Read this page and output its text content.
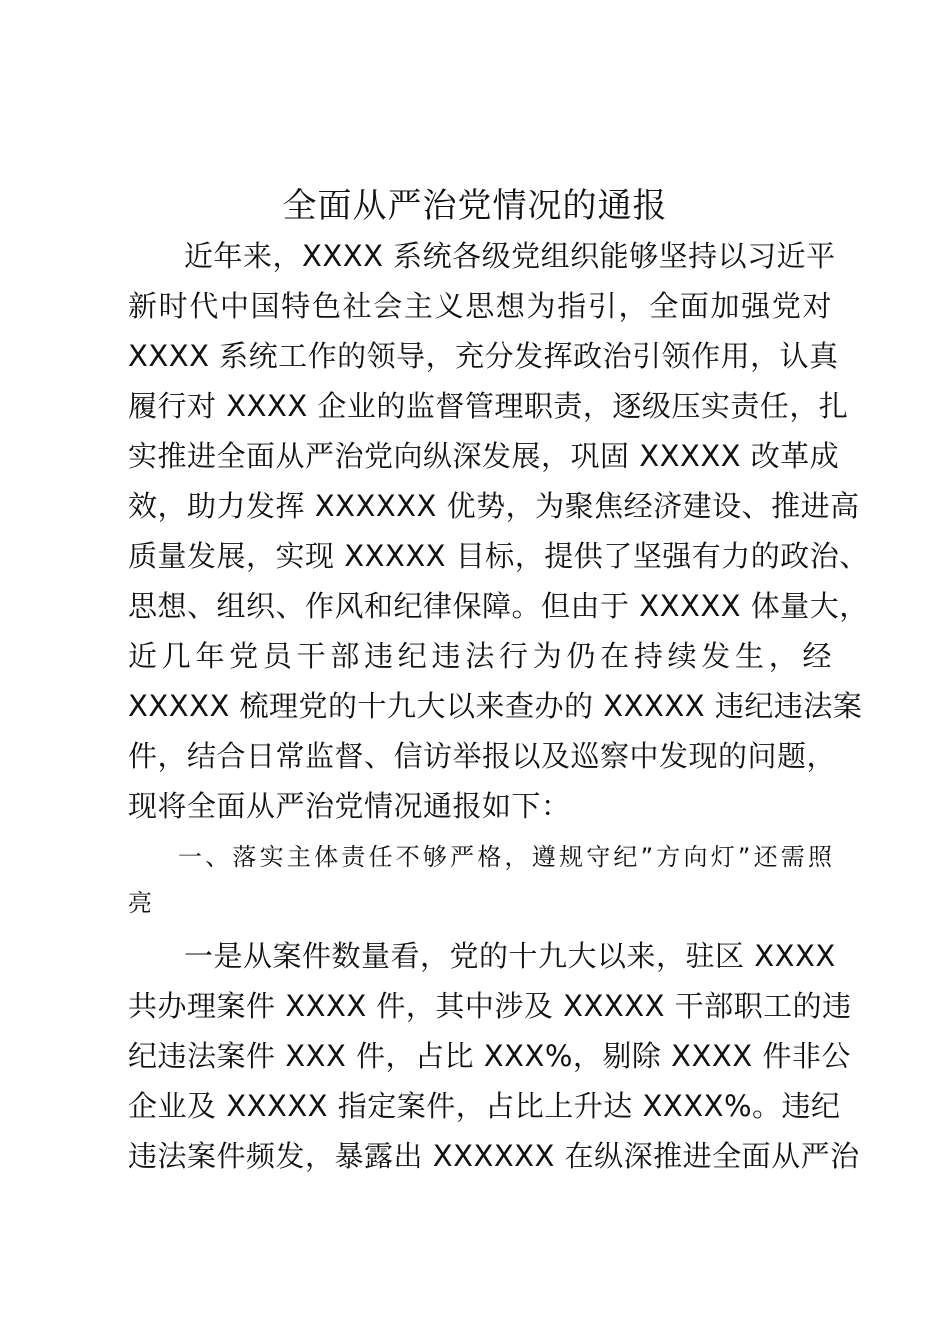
全面从严治党情况的通报
近年来，XXXX 系统各级党组织能够坚持以习近平
新时代中国特色社会主义思想为指引，全面加强党对
XXXX 系统工作的领导，充分发挥政治引领作用，认真
履行对 XXXX 企业的监督管理职责，逐级压实责任，扎
实推进全面从严治党向纵深发展，巩固 XXXXX 改革成
效，助力发挥 XXXXXX 优势，为聚焦经济建设、推进高
质量发展，实现 XXXXX 目标，提供了坚强有力的政治、
思想、组织、作风和纪律保障。但由于 XXXXX 体量大，
近几年党员干部违纪违法行为仍在持续发生，经
XXXXX 梳理党的十九大以来查办的 XXXXX 违纪违法案
件，结合日常监督、信访举报以及巡察中发现的问题，
现将全面从严治党情况通报如下：
一、落实主体责任不够严格，遵规守纪”方向灯”还需照
亮
一是从案件数量看，党的十九大以来，驻区 XXXX
共办理案件 XXXX 件，其中涉及 XXXXX 干部职工的违
纪违法案件 XXX 件，占比 XXX%，剔除 XXXX 件非公
企业及 XXXXX 指定案件，占比上升达 XXXX%。违纪
违法案件频发，暴露出 XXXXXX 在纵深推进全面从严治
